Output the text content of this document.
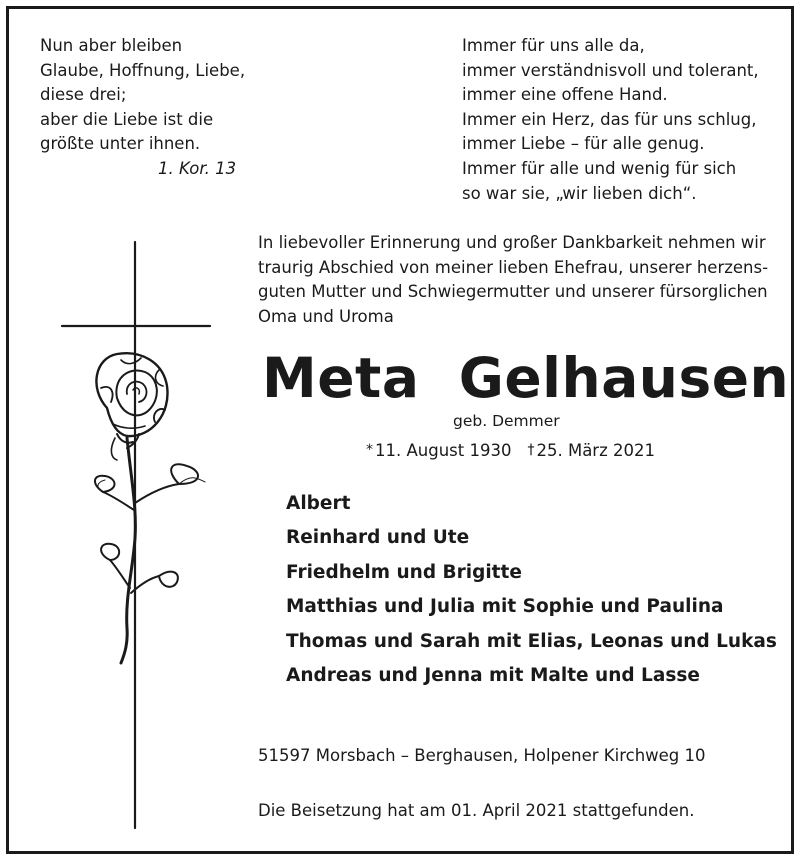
Nun aber bleiben
Glaube, Hoffnung, Liebe,
diese drei;
aber die Liebe ist die
größte unter ihnen.
1. Kor. 13
Immer für uns alle da,
immer verständnisvoll und tolerant,
immer eine offene Hand.
Immer ein Herz, das für uns schlug,
immer Liebe – für alle genug.
Immer für alle und wenig für sich
so war sie, „wir lieben dich“.
In liebevoller Erinnerung und großer Dankbarkeit nehmen wir
traurig Abschied von meiner lieben Ehefrau, unserer herzens-
guten Mutter und Schwiegermutter und unserer fürsorglichen
Oma und Uroma
Meta  Gelhausen
geb. Demmer
* 11. August 1930 † 25. März 2021
Albert
Reinhard und Ute
Friedhelm und Brigitte
Matthias und Julia mit Sophie und Paulina
Thomas und Sarah mit Elias, Leonas und Lukas
Andreas und Jenna mit Malte und Lasse
51597 Morsbach – Berghausen, Holpener Kirchweg 10
Die Beisetzung hat am 01. April 2021 stattgefunden.
